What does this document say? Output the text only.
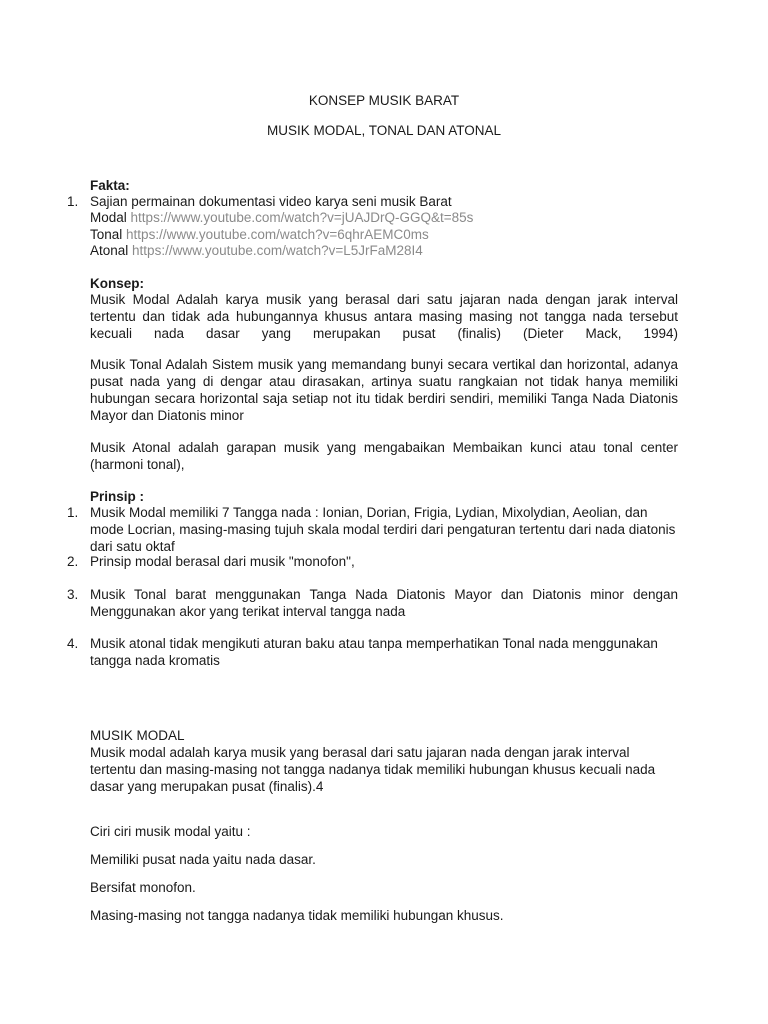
KONSEP MUSIK BARAT
MUSIK MODAL, TONAL DAN ATONAL
Fakta:
1. Sajian permainan dokumentasi video karya seni musik Barat
Modal https://www.youtube.com/watch?v=jUAJDrQ-GGQ&t=85s
Tonal https://www.youtube.com/watch?v=6qhrAEMC0ms
Atonal https://www.youtube.com/watch?v=L5JrFaM28I4
Konsep:
Musik Modal Adalah karya musik yang berasal dari satu jajaran nada dengan jarak interval tertentu dan tidak ada hubungannya khusus antara masing masing not tangga nada tersebut kecuali nada dasar yang merupakan pusat (finalis) (Dieter Mack, 1994)
Musik Tonal Adalah Sistem musik yang memandang bunyi secara vertikal dan horizontal, adanya pusat nada yang di dengar atau dirasakan, artinya suatu rangkaian not tidak hanya memiliki hubungan secara horizontal saja setiap not itu tidak berdiri sendiri, memiliki Tanga Nada Diatonis Mayor dan Diatonis minor
Musik Atonal adalah garapan musik yang mengabaikan Membaikan kunci atau tonal center (harmoni tonal),
Prinsip :
1. Musik Modal memiliki 7 Tangga nada : Ionian, Dorian, Frigia, Lydian, Mixolydian, Aeolian, dan mode Locrian, masing-masing tujuh skala modal terdiri dari pengaturan tertentu dari nada diatonis dari satu oktaf
2. Prinsip modal berasal dari musik "monofon",
3. Musik Tonal barat menggunakan Tanga Nada Diatonis Mayor dan Diatonis minor dengan Menggunakan akor yang terikat interval tangga nada
4. Musik atonal tidak mengikuti aturan baku atau tanpa memperhatikan Tonal nada menggunakan tangga nada kromatis
MUSIK MODAL
Musik modal adalah karya musik yang berasal dari satu jajaran nada dengan jarak interval tertentu dan masing-masing not tangga nadanya tidak memiliki hubungan khusus kecuali nada dasar yang merupakan pusat (finalis).4
Ciri ciri musik modal yaitu :
Memiliki pusat nada yaitu nada dasar.
Bersifat monofon.
Masing-masing not tangga nadanya tidak memiliki hubungan khusus.
